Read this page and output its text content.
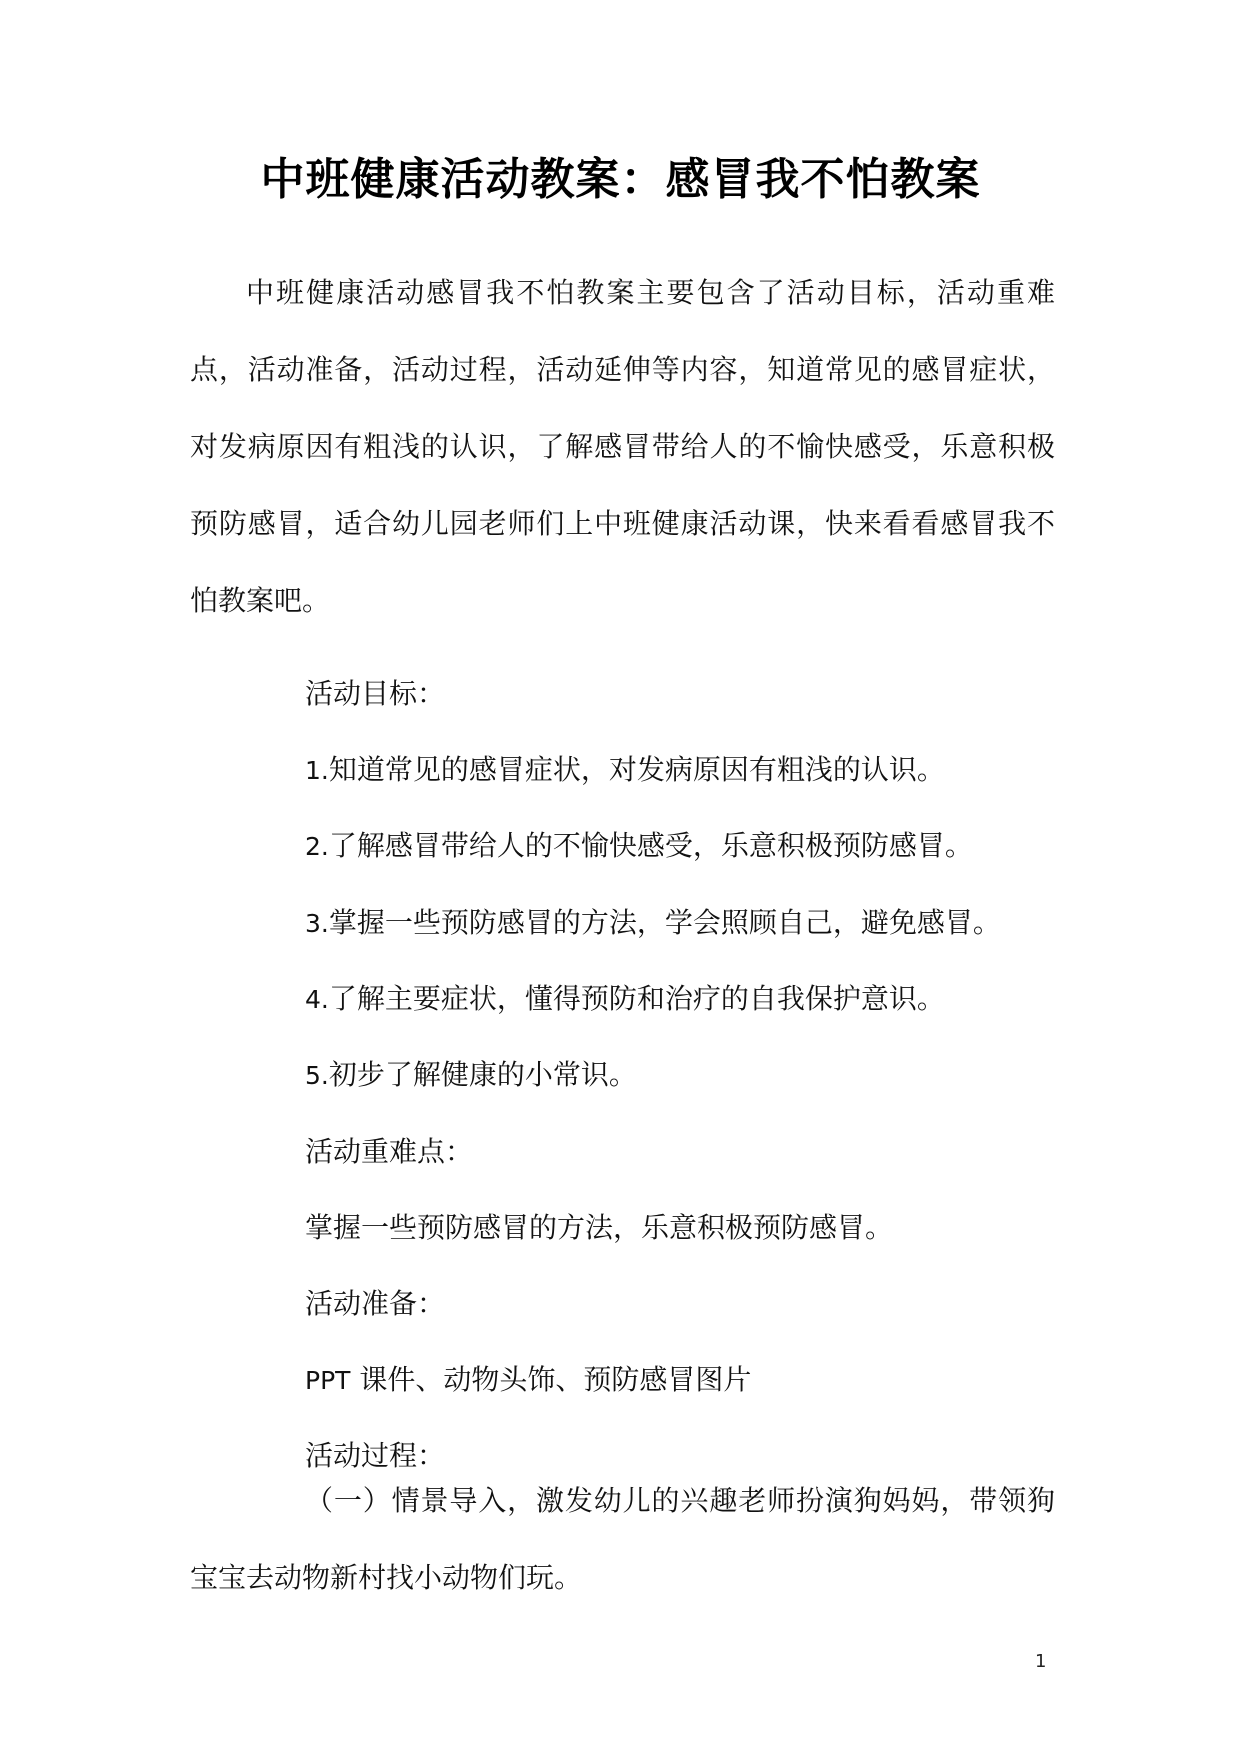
中班健康活动教案：感冒我不怕教案

中班健康活动感冒我不怕教案主要包含了活动目标，活动重难点，活动准备，活动过程，活动延伸等内容，知道常见的感冒症状，对发病原因有粗浅的认识，了解感冒带给人的不愉快感受，乐意积极预防感冒，适合幼儿园老师们上中班健康活动课，快来看看感冒我不怕教案吧。

活动目标：

1.知道常见的感冒症状，对发病原因有粗浅的认识。

2.了解感冒带给人的不愉快感受，乐意积极预防感冒。

3.掌握一些预防感冒的方法，学会照顾自己，避免感冒。

4.了解主要症状，懂得预防和治疗的自我保护意识。

5.初步了解健康的小常识。

活动重难点：

掌握一些预防感冒的方法，乐意积极预防感冒。

活动准备：

PPT 课件、动物头饰、预防感冒图片

活动过程：

（一）情景导入，激发幼儿的兴趣老师扮演狗妈妈，带领狗宝宝去动物新村找小动物们玩。

1
